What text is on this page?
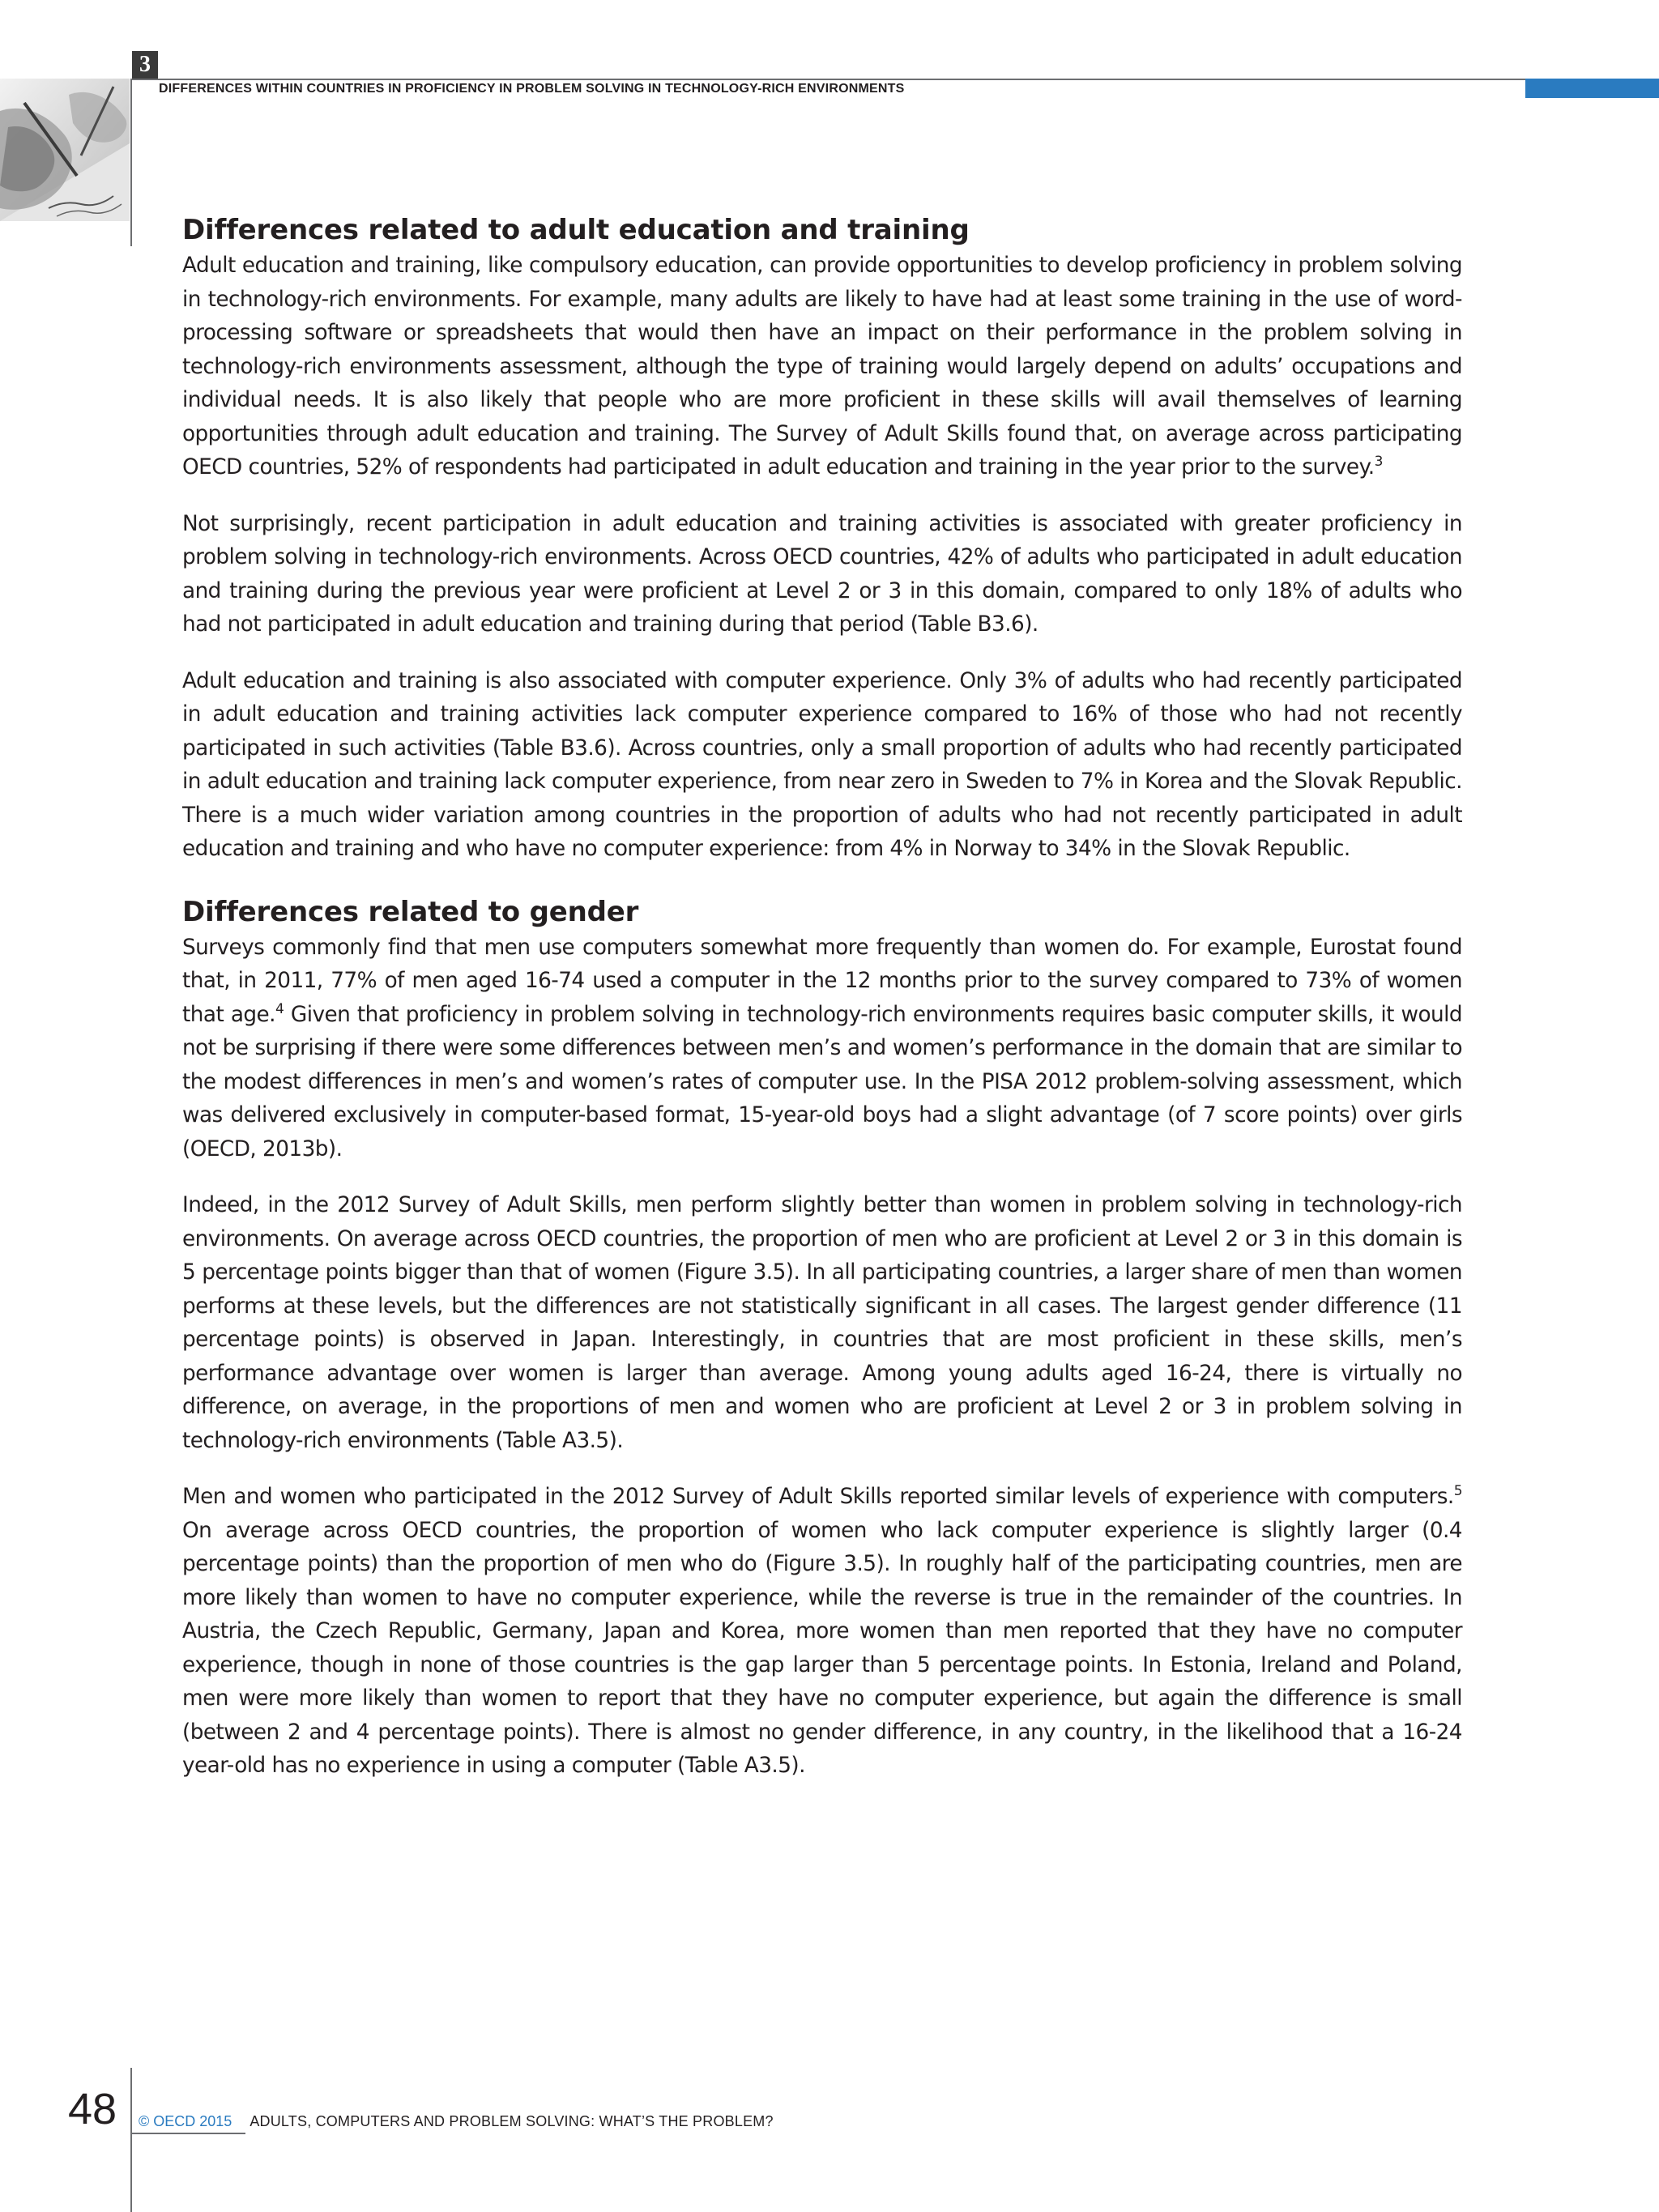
3
DIFFERENCES WITHIN COUNTRIES IN PROFICIENCY IN PROBLEM SOLVING IN TECHNOLOGY-RICH ENVIRONMENTS
Differences related to adult education and training

Adult education and training, like compulsory education, can provide opportunities to develop proficiency in problem solving in technology-rich environments. For example, many adults are likely to have had at least some training in the use of word-processing software or spreadsheets that would then have an impact on their performance in the problem solving in technology-rich environments assessment, although the type of training would largely depend on adults’ occupations and individual needs. It is also likely that people who are more proficient in these skills will avail themselves of learning opportunities through adult education and training. The Survey of Adult Skills found that, on average across participating OECD countries, 52% of respondents had participated in adult education and training in the year prior to the survey.$^3$

Not surprisingly, recent participation in adult education and training activities is associated with greater proficiency in problem solving in technology-rich environments. Across OECD countries, 42% of adults who participated in adult education and training during the previous year were proficient at Level 2 or 3 in this domain, compared to only 18% of adults who had not participated in adult education and training during that period (Table B3.6).

Adult education and training is also associated with computer experience. Only 3% of adults who had recently participated in adult education and training activities lack computer experience compared to 16% of those who had not recently participated in such activities (Table B3.6). Across countries, only a small proportion of adults who had recently participated in adult education and training lack computer experience, from near zero in Sweden to 7% in Korea and the Slovak Republic. There is a much wider variation among countries in the proportion of adults who had not recently participated in adult education and training and who have no computer experience: from 4% in Norway to 34% in the Slovak Republic.

Differences related to gender

Surveys commonly find that men use computers somewhat more frequently than women do. For example, Eurostat found that, in 2011, 77% of men aged 16-74 used a computer in the 12 months prior to the survey compared to 73% of women that age.$^4$ Given that proficiency in problem solving in technology-rich environments requires basic computer skills, it would not be surprising if there were some differences between men’s and women’s performance in the domain that are similar to the modest differences in men’s and women’s rates of computer use. In the PISA 2012 problem-solving assessment, which was delivered exclusively in computer-based format, 15-year-old boys had a slight advantage (of 7 score points) over girls (OECD, 2013b).

Indeed, in the 2012 Survey of Adult Skills, men perform slightly better than women in problem solving in technology-rich environments. On average across OECD countries, the proportion of men who are proficient at Level 2 or 3 in this domain is 5 percentage points bigger than that of women (Figure 3.5). In all participating countries, a larger share of men than women performs at these levels, but the differences are not statistically significant in all cases. The largest gender difference (11 percentage points) is observed in Japan. Interestingly, in countries that are most proficient in these skills, men’s performance advantage over women is larger than average. Among young adults aged 16-24, there is virtually no difference, on average, in the proportions of men and women who are proficient at Level 2 or 3 in problem solving in technology-rich environments (Table A3.5).

Men and women who participated in the 2012 Survey of Adult Skills reported similar levels of experience with computers.$^5$ On average across OECD countries, the proportion of women who lack computer experience is slightly larger (0.4 percentage points) than the proportion of men who do (Figure 3.5). In roughly half of the participating countries, men are more likely than women to have no computer experience, while the reverse is true in the remainder of the countries. In Austria, the Czech Republic, Germany, Japan and Korea, more women than men reported that they have no computer experience, though in none of those countries is the gap larger than 5 percentage points. In Estonia, Ireland and Poland, men were more likely than women to report that they have no computer experience, but again the difference is small (between 2 and 4 percentage points). There is almost no gender difference, in any country, in the likelihood that a 16-24 year-old has no experience in using a computer (Table A3.5).

48 © OECD 2015 ADULTS, COMPUTERS AND PROBLEM SOLVING: WHAT’S THE PROBLEM?
